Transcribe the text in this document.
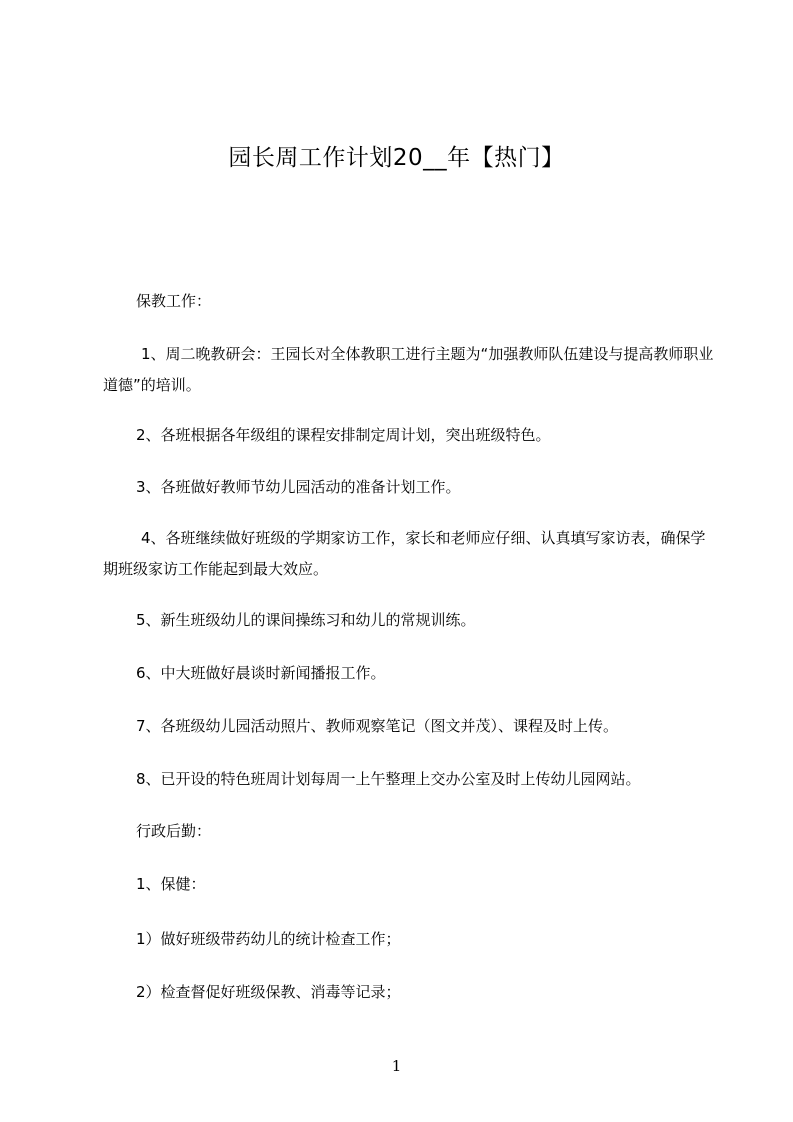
园长周工作计划20__年【热门】

保教工作：

1、周二晚教研会：王园长对全体教职工进行主题为“加强教师队伍建设与提高教师职业道德”的培训。

2、各班根据各年级组的课程安排制定周计划，突出班级特色。

3、各班做好教师节幼儿园活动的准备计划工作。

4、各班继续做好班级的学期家访工作，家长和老师应仔细、认真填写家访表，确保学期班级家访工作能起到最大效应。

5、新生班级幼儿的课间操练习和幼儿的常规训练。

6、中大班做好晨谈时新闻播报工作。

7、各班级幼儿园活动照片、教师观察笔记（图文并茂）、课程及时上传。

8、已开设的特色班周计划每周一上午整理上交办公室及时上传幼儿园网站。

行政后勤：

1、保健：

1）做好班级带药幼儿的统计检查工作；

2）检查督促好班级保教、消毒等记录；

1
